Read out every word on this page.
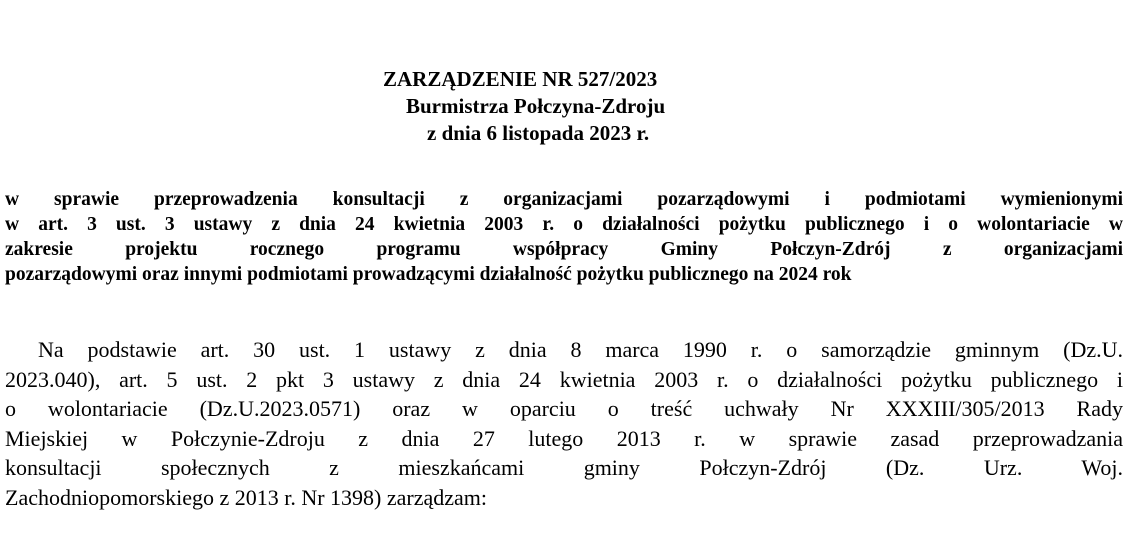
ZARZĄDZENIE NR 527/2023
Burmistrza Połczyna-Zdroju
z dnia 6 listopada 2023 r.
w sprawie przeprowadzenia konsultacji z organizacjami pozarządowymi i podmiotami wymienionymi
w art. 3 ust. 3 ustawy z dnia 24 kwietnia 2003 r. o działalności pożytku publicznego i o wolontariacie w
zakresie projektu rocznego programu współpracy Gminy Połczyn-Zdrój z organizacjami
pozarządowymi oraz innymi podmiotami prowadzącymi działalność pożytku publicznego na 2024 rok
Na podstawie art. 30 ust. 1 ustawy z dnia 8 marca 1990 r. o samorządzie gminnym (Dz.U.
2023.040), art. 5 ust. 2 pkt 3 ustawy z dnia 24 kwietnia 2003 r. o działalności pożytku publicznego i
o wolontariacie (Dz.U.2023.0571) oraz w oparciu o treść uchwały Nr XXXIII/305/2013 Rady
Miejskiej w Połczynie-Zdroju z dnia 27 lutego 2013 r. w sprawie zasad przeprowadzania
konsultacji społecznych z mieszkańcami gminy Połczyn-Zdrój (Dz. Urz. Woj.
Zachodniopomorskiego z 2013 r. Nr 1398) zarządzam:
